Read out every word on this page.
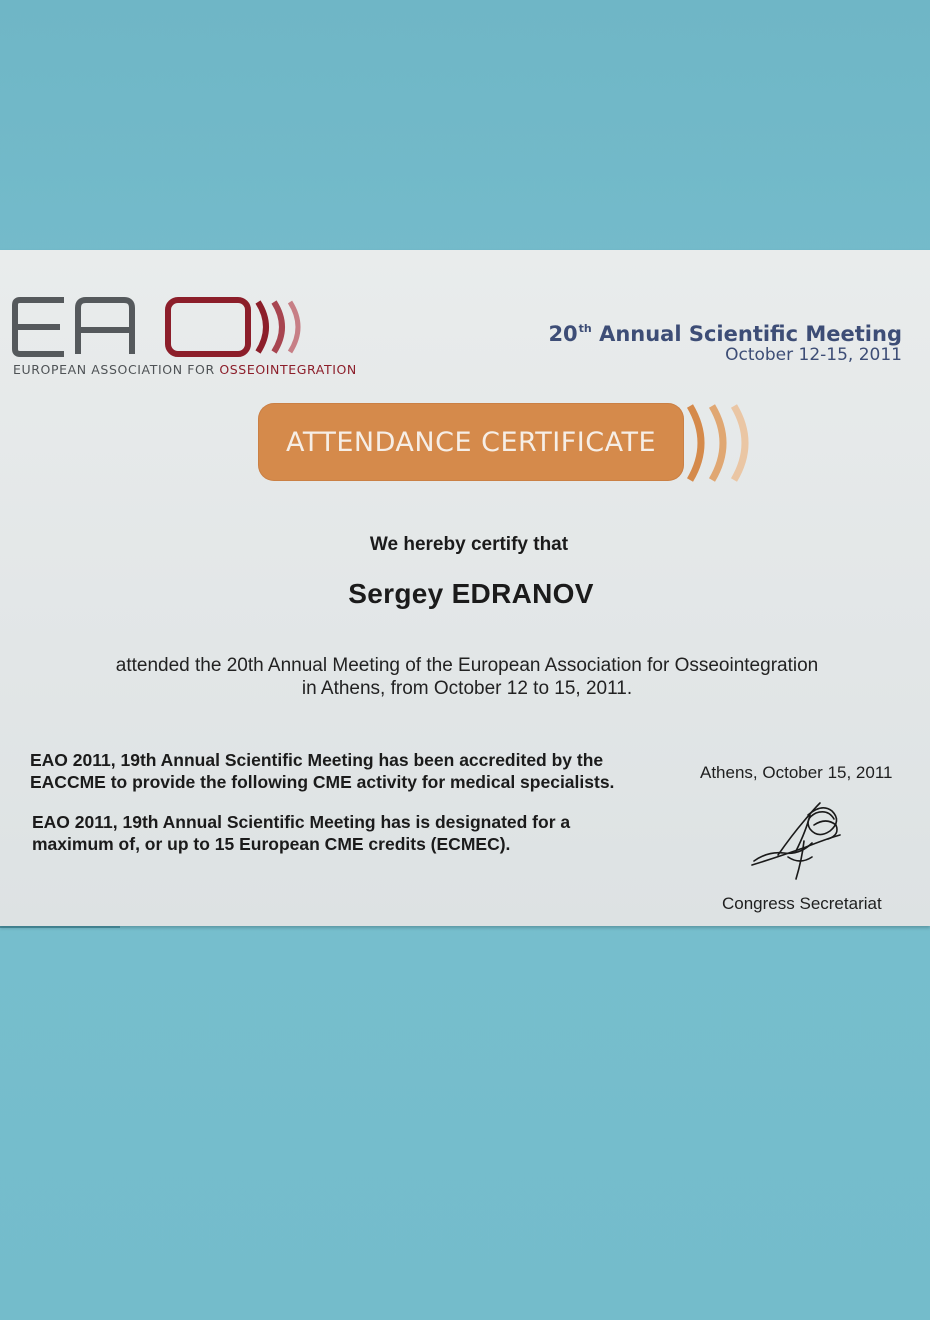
EUROPEAN ASSOCIATION FOR OSSEOINTEGRATION
20th Annual Scientific Meeting
October 12-15, 2011
ATTENDANCE CERTIFICATE
We hereby certify that
Sergey EDRANOV
attended the 20th Annual Meeting of the European Association for Osseointegration
in Athens, from October 12 to 15, 2011.
EAO 2011, 19th Annual Scientific Meeting has been accredited by the
EACCME to provide the following CME activity for medical specialists.
EAO 2011, 19th Annual Scientific Meeting has is designated for a
maximum of, or up to 15 European CME credits (ECMEC).
Athens, October 15, 2011
Congress Secretariat
